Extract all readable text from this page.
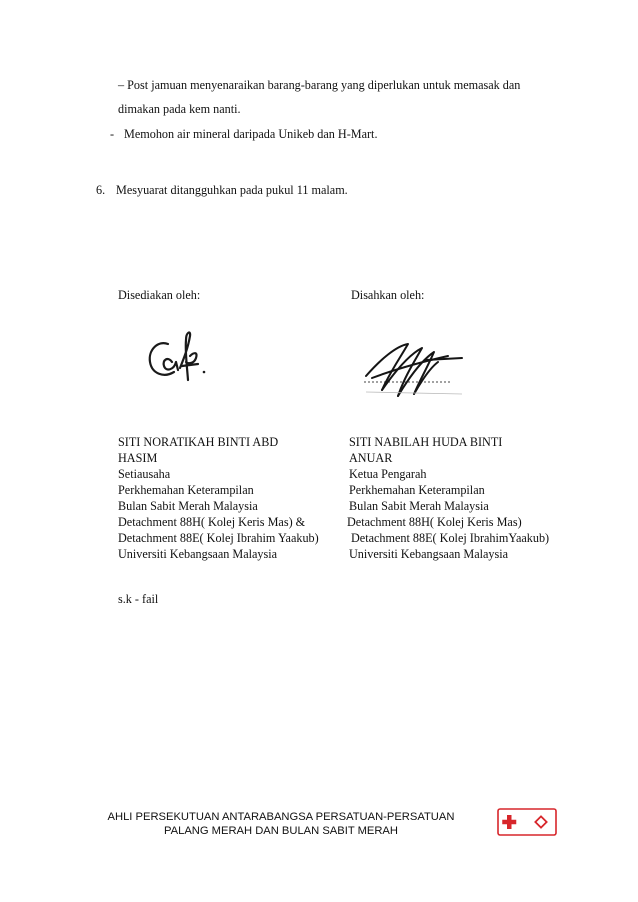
– Post jamuan menyenaraikan barang-barang yang diperlukan untuk memasak dan
dimakan pada kem nanti.
- Memohon air mineral daripada Unikeb dan H-Mart.
6. Mesyuarat ditangguhkan pada pukul 11 malam.
Disediakan oleh:	Disahkan oleh:
SITI NORATIKAH BINTI ABD
HASIM
Setiausaha
Perkhemahan Keterampilan
Bulan Sabit Merah Malaysia
Detachment 88H( Kolej Keris Mas) &
Detachment 88E( Kolej Ibrahim Yaakub)
Universiti Kebangsaan Malaysia
SITI NABILAH HUDA BINTI
ANUAR
Ketua Pengarah
Perkhemahan Keterampilan
Bulan Sabit Merah Malaysia
Detachment 88H( Kolej Keris Mas)
Detachment 88E( Kolej IbrahimYaakub)
Universiti Kebangsaan Malaysia
s.k - fail
AHLI PERSEKUTUAN ANTARABANGSA PERSATUAN-PERSATUAN
PALANG MERAH DAN BULAN SABIT MERAH
